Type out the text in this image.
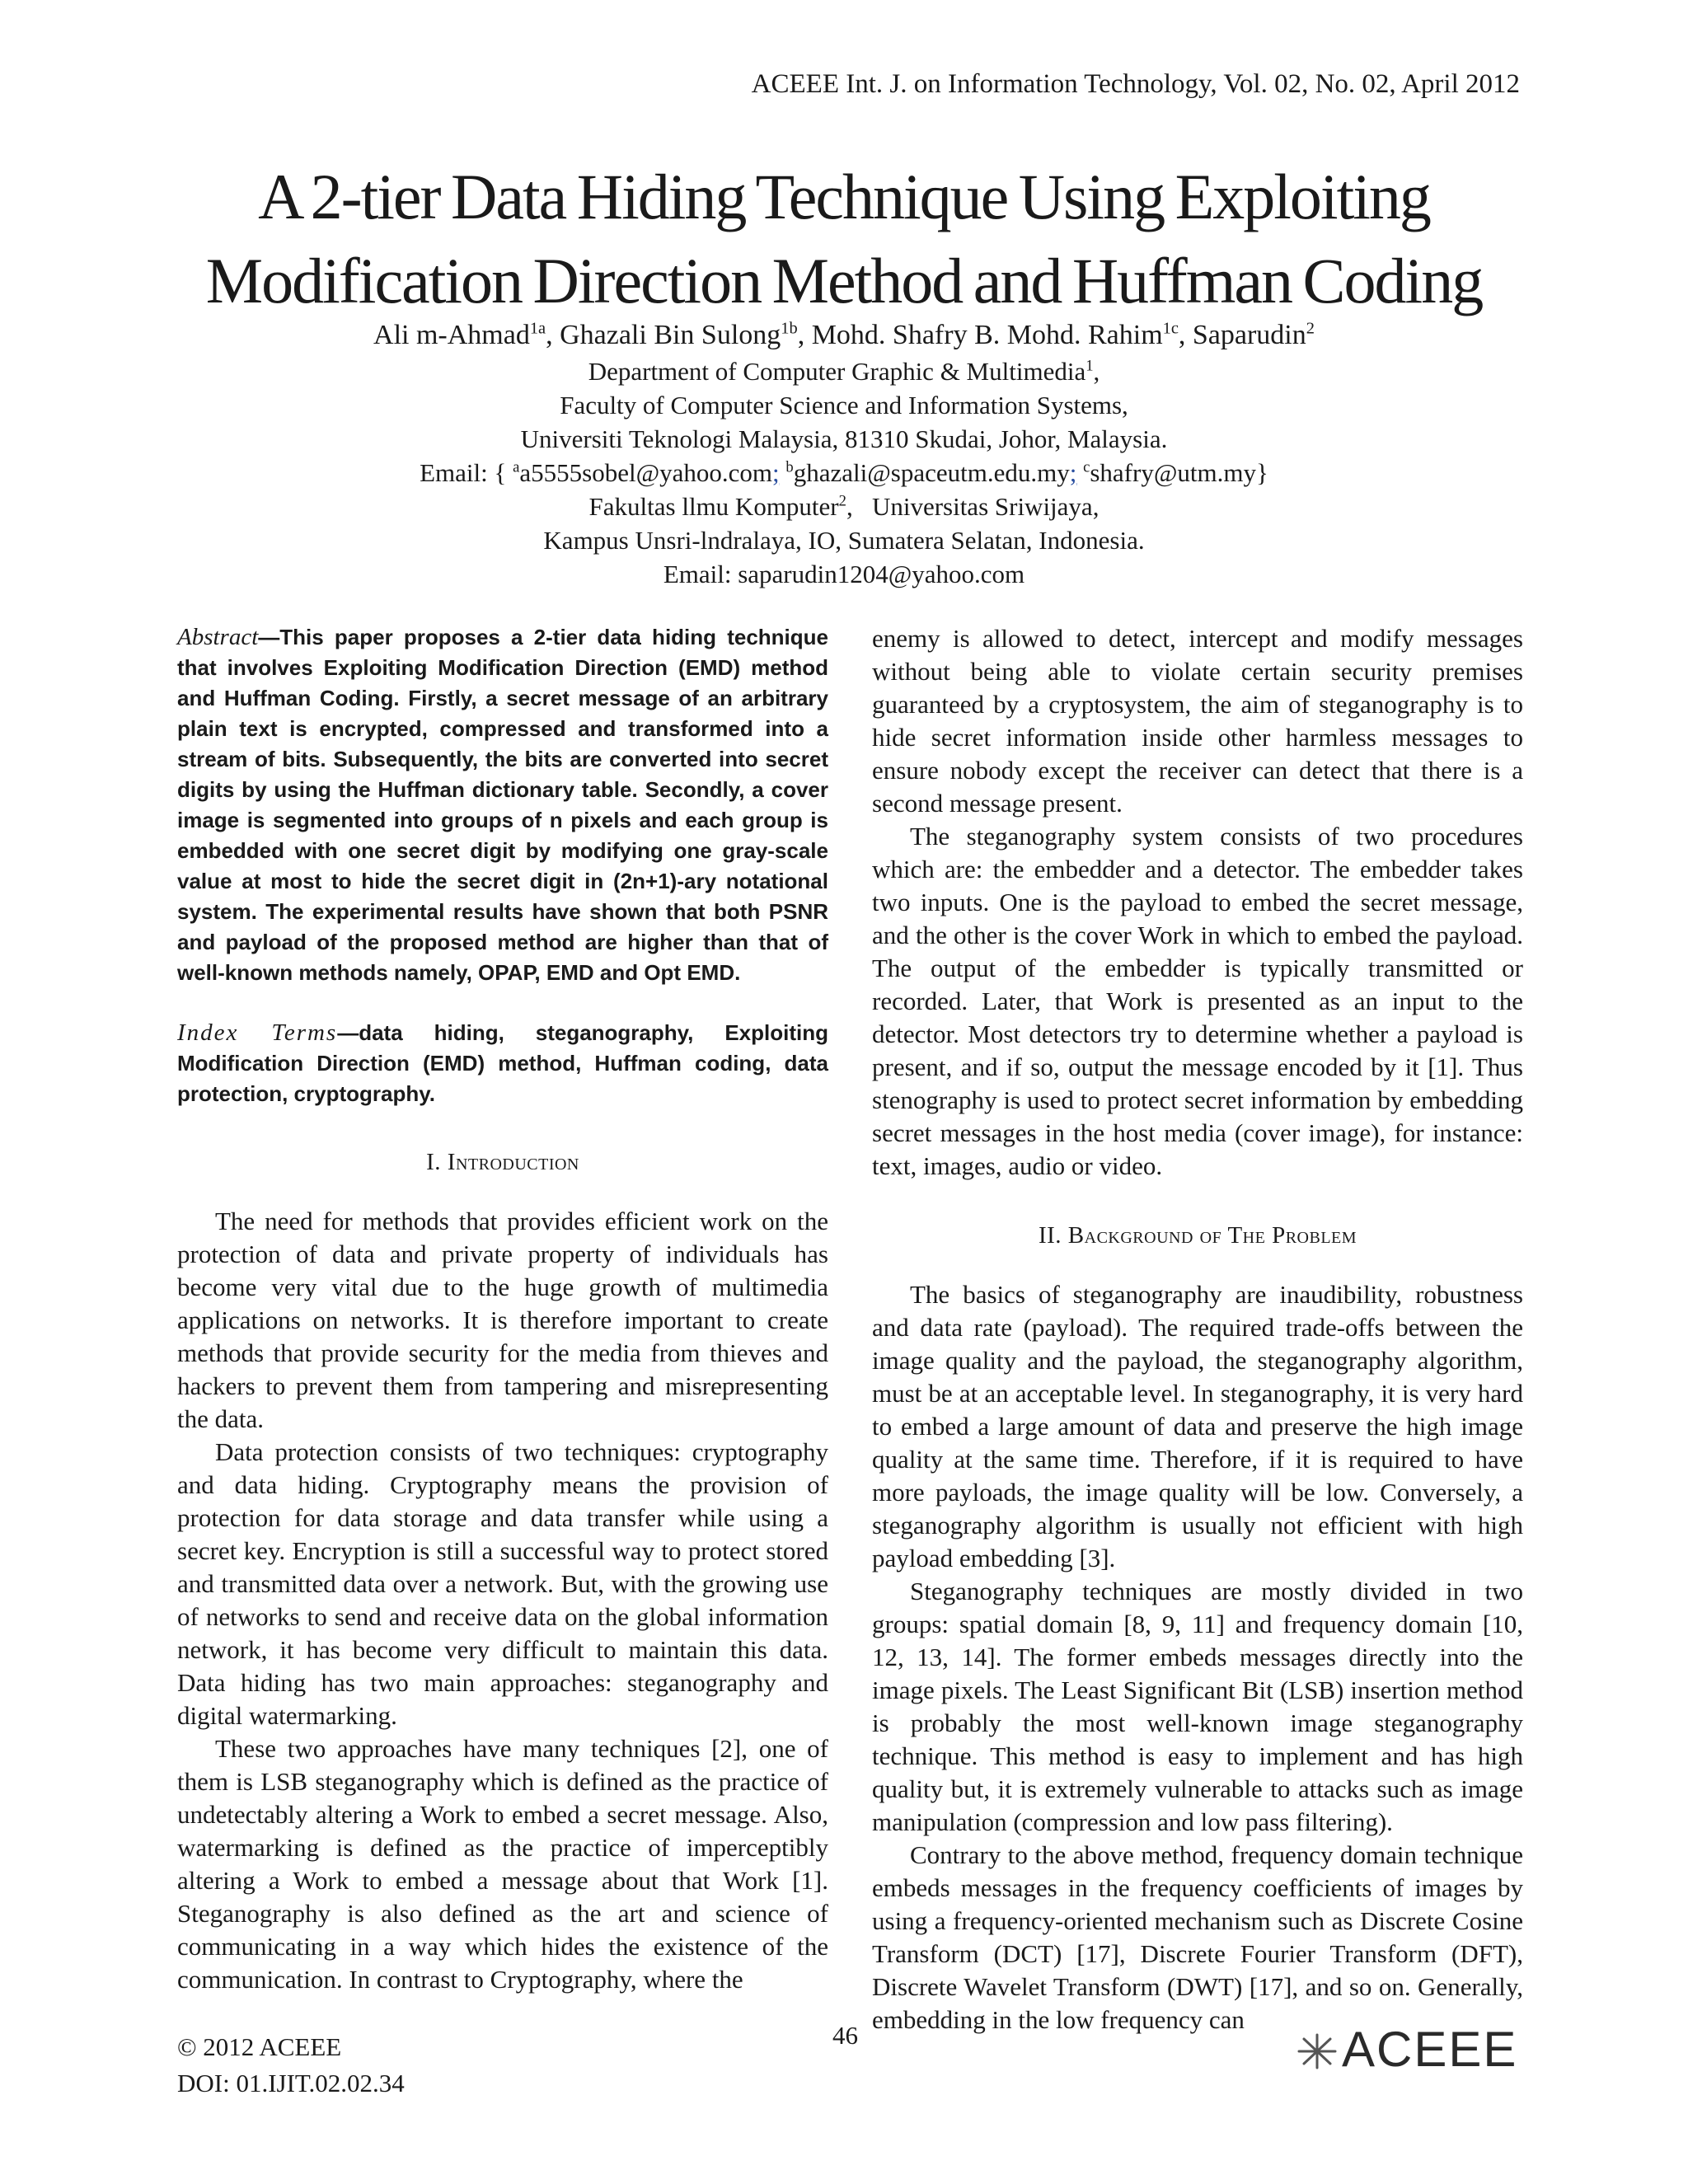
ACEEE Int. J. on Information Technology, Vol. 02, No. 02, April 2012
A 2-tier Data Hiding Technique Using Exploiting
Modification Direction Method and Huffman Coding
Ali m-Ahmad$^{1a}$, Ghazali Bin Sulong$^{1b}$, Mohd. Shafry B. Mohd. Rahim$^{1c}$, Saparudin$^2$
Department of Computer Graphic & Multimedia$^1$,
Faculty of Computer Science and Information Systems,
Universiti Teknologi Malaysia, 81310 Skudai, Johor, Malaysia.
Email: { $^a$a5555sobel@yahoo.com; $^b$ghazali@spaceutm.edu.my; $^c$shafry@utm.my}
Fakultas llmu Komputer$^2$,   Universitas Sriwijaya,
Kampus Unsri-lndralaya, IO, Sumatera Selatan, Indonesia.
Email: saparudin1204@yahoo.com

Abstract—This paper proposes a 2-tier data hiding technique that involves Exploiting Modification Direction (EMD) method and Huffman Coding. Firstly, a secret message of an arbitrary plain text is encrypted, compressed and transformed into a stream of bits. Subsequently, the bits are converted into secret digits by using the Huffman dictionary table. Secondly, a cover image is segmented into groups of n pixels and each group is embedded with one secret digit by modifying one gray-scale value at most to hide the secret digit in (2n+1)-ary notational system. The experimental results have shown that both PSNR and payload of the proposed method are higher than that of well-known methods namely, OPAP, EMD and Opt EMD.

Index Terms—data hiding, steganography, Exploiting Modification Direction (EMD) method, Huffman coding, data protection, cryptography.

I. Introduction

The need for methods that provides efficient work on the protection of data and private property of individuals has become very vital due to the huge growth of multimedia applications on networks. It is therefore important to create methods that provide security for the media from thieves and hackers to prevent them from tampering and misrepresenting the data.

Data protection consists of two techniques: cryptography and data hiding. Cryptography means the provision of protection for data storage and data transfer while using a secret key. Encryption is still a successful way to protect stored and transmitted data over a network. But, with the growing use of networks to send and receive data on the global information network, it has become very difficult to maintain this data. Data hiding has two main approaches: steganography and digital watermarking.

These two approaches have many techniques [2], one of them is LSB steganography which is defined as the practice of undetectably altering a Work to embed a secret message. Also, watermarking is defined as the practice of imperceptibly altering a Work to embed a message about that Work [1]. Steganography is also defined as the art and science of communicating in a way which hides the existence of the communication. In contrast to Cryptography, where the

enemy is allowed to detect, intercept and modify messages without being able to violate certain security premises guaranteed by a cryptosystem, the aim of steganography is to hide secret information inside other harmless messages to ensure nobody except the receiver can detect that there is a second message present.

The steganography system consists of two procedures which are: the embedder and a detector. The embedder takes two inputs. One is the payload to embed the secret message, and the other is the cover Work in which to embed the payload. The output of the embedder is typically transmitted or recorded. Later, that Work is presented as an input to the detector. Most detectors try to determine whether a payload is present, and if so, output the message encoded by it [1]. Thus stenography is used to protect secret information by embedding secret messages in the host media (cover image), for instance: text, images, audio or video.

II. Background of The Problem

The basics of steganography are inaudibility, robustness and data rate (payload). The required trade-offs between the image quality and the payload, the steganography algorithm, must be at an acceptable level. In steganography, it is very hard to embed a large amount of data and preserve the high image quality at the same time. Therefore, if it is required to have more payloads, the image quality will be low. Conversely, a steganography algorithm is usually not efficient with high payload embedding [3].

Steganography techniques are mostly divided in two groups: spatial domain [8, 9, 11] and frequency domain [10, 12, 13, 14]. The former embeds messages directly into the image pixels. The Least Significant Bit (LSB) insertion method is probably the most well-known image steganography technique. This method is easy to implement and has high quality but, it is extremely vulnerable to attacks such as image manipulation (compression and low pass filtering).

Contrary to the above method, frequency domain technique embeds messages in the frequency coefficients of images by using a frequency-oriented mechanism such as Discrete Cosine Transform (DCT) [17], Discrete Fourier Transform (DFT), Discrete Wavelet Transform (DWT) [17], and so on. Generally, embedding in the low frequency can

© 2012 ACEEE
DOI: 01.IJIT.02.02.34
46	ACEEE
